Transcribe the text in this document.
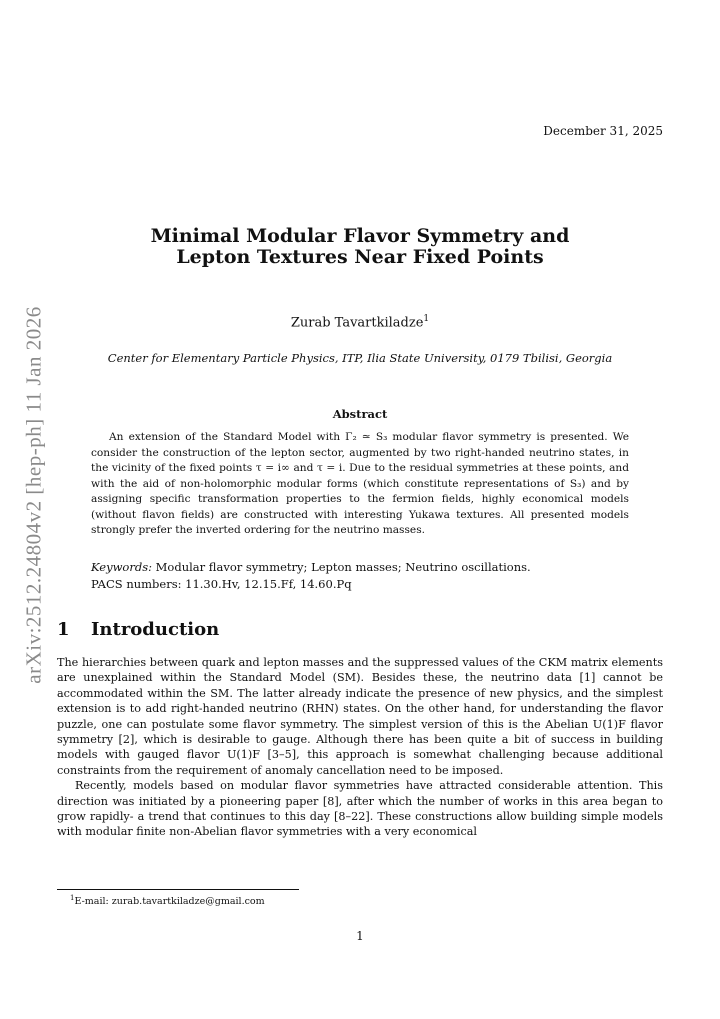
December 31, 2025
arXiv:2512.24804v2 [hep-ph] 11 Jan 2026
Minimal Modular Flavor Symmetry and
Lepton Textures Near Fixed Points
Zurab Tavartkiladze$^1$
Center for Elementary Particle Physics, ITP, Ilia State University, 0179 Tbilisi, Georgia
Abstract

An extension of the Standard Model with Γ₂ ≃ S₃ modular flavor symmetry is presented. We consider the construction of the lepton sector, augmented by two right-handed neutrino states, in the vicinity of the fixed points τ = i∞ and τ = i. Due to the residual symmetries at these points, and with the aid of non-holomorphic modular forms (which constitute representations of S₃) and by assigning specific transformation properties to the fermion fields, highly economical models (without flavon fields) are constructed with interesting Yukawa textures. All presented models strongly prefer the inverted ordering for the neutrino masses.

Keywords: Modular flavor symmetry; Lepton masses; Neutrino oscillations.
PACS numbers: 11.30.Hv, 12.15.Ff, 14.60.Pq
1 Introduction

The hierarchies between quark and lepton masses and the suppressed values of the CKM matrix elements are unexplained within the Standard Model (SM). Besides these, the neutrino data [1] cannot be accommodated within the SM. The latter already indicate the presence of new physics, and the simplest extension is to add right-handed neutrino (RHN) states. On the other hand, for understanding the flavor puzzle, one can postulate some flavor symmetry. The simplest version of this is the Abelian U(1)F flavor symmetry [2], which is desirable to gauge. Although there has been quite a bit of success in building models with gauged flavor U(1)F [3–5], this approach is somewhat challenging because additional constraints from the requirement of anomaly cancellation need to be imposed.

Recently, models based on modular flavor symmetries have attracted considerable attention. This direction was initiated by a pioneering paper [8], after which the number of works in this area began to grow rapidly- a trend that continues to this day [8–22]. These constructions allow building simple models with modular finite non-Abelian flavor symmetries with a very economical

$^1$E-mail: zurab.tavartkiladze@gmail.com
1
